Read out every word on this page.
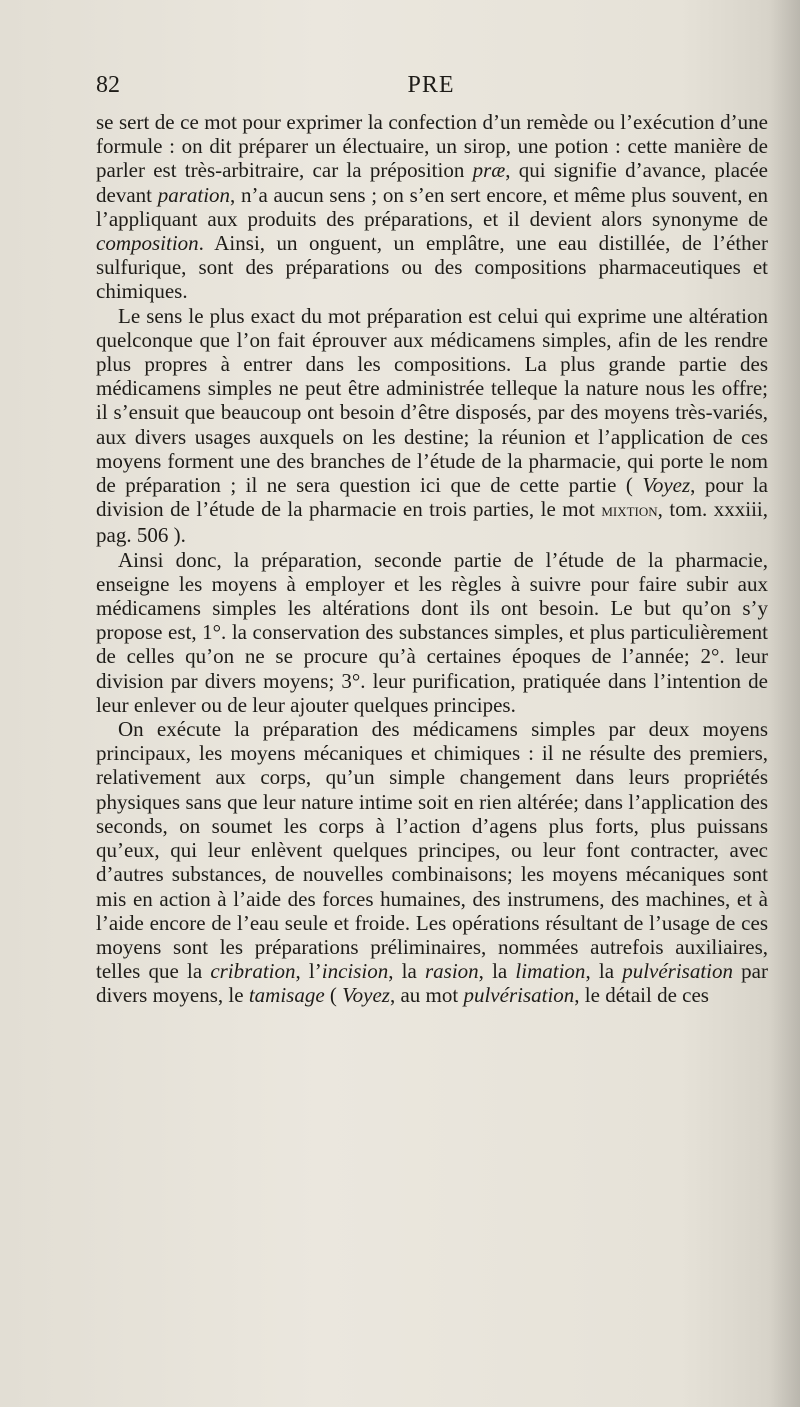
82	PRE

se sert de ce mot pour exprimer la confection d’un remède ou l’exécution d’une formule : on dit préparer un électuaire, un sirop, une potion : cette manière de parler est très-arbitraire, car la préposition præ, qui signifie d’avance, placée devant paration, n’a aucun sens ; on s’en sert encore, et même plus souvent, en l’appliquant aux produits des préparations, et il devient alors synonyme de composition. Ainsi, un onguent, un emplâtre, une eau distillée, de l’éther sulfurique, sont des préparations ou des compositions pharmaceutiques et chimiques.

Le sens le plus exact du mot préparation est celui qui exprime une altération quelconque que l’on fait éprouver aux médicamens simples, afin de les rendre plus propres à entrer dans les compositions. La plus grande partie des médicamens simples ne peut être administrée telleque la nature nous les offre; il s’ensuit que beaucoup ont besoin d’être disposés, par des moyens très-variés, aux divers usages auxquels on les destine; la réunion et l’application de ces moyens forment une des branches de l’étude de la pharmacie, qui porte le nom de préparation ; il ne sera question ici que de cette partie ( Voyez, pour la division de l’étude de la pharmacie en trois parties, le mot mixtion, tom. xxxiii, pag. 506 ).

Ainsi donc, la préparation, seconde partie de l’étude de la pharmacie, enseigne les moyens à employer et les règles à suivre pour faire subir aux médicamens simples les altérations dont ils ont besoin. Le but qu’on s’y propose est, 1°. la conservation des substances simples, et plus particulièrement de celles qu’on ne se procure qu’à certaines époques de l’année; 2°. leur division par divers moyens; 3°. leur purification, pratiquée dans l’intention de leur enlever ou de leur ajouter quelques principes.

On exécute la préparation des médicamens simples par deux moyens principaux, les moyens mécaniques et chimiques : il ne résulte des premiers, relativement aux corps, qu’un simple changement dans leurs propriétés physiques sans que leur nature intime soit en rien altérée; dans l’application des seconds, on soumet les corps à l’action d’agens plus forts, plus puissans qu’eux, qui leur enlèvent quelques principes, ou leur font contracter, avec d’autres substances, de nouvelles combinaisons; les moyens mécaniques sont mis en action à l’aide des forces humaines, des instrumens, des machines, et à l’aide encore de l’eau seule et froide. Les opérations résultant de l’usage de ces moyens sont les préparations préliminaires, nommées autrefois auxiliaires, telles que la cribration, l’incision, la rasion, la limation, la pulvérisation par divers moyens, le tamisage ( Voyez, au mot pulvérisation, le détail de ces
